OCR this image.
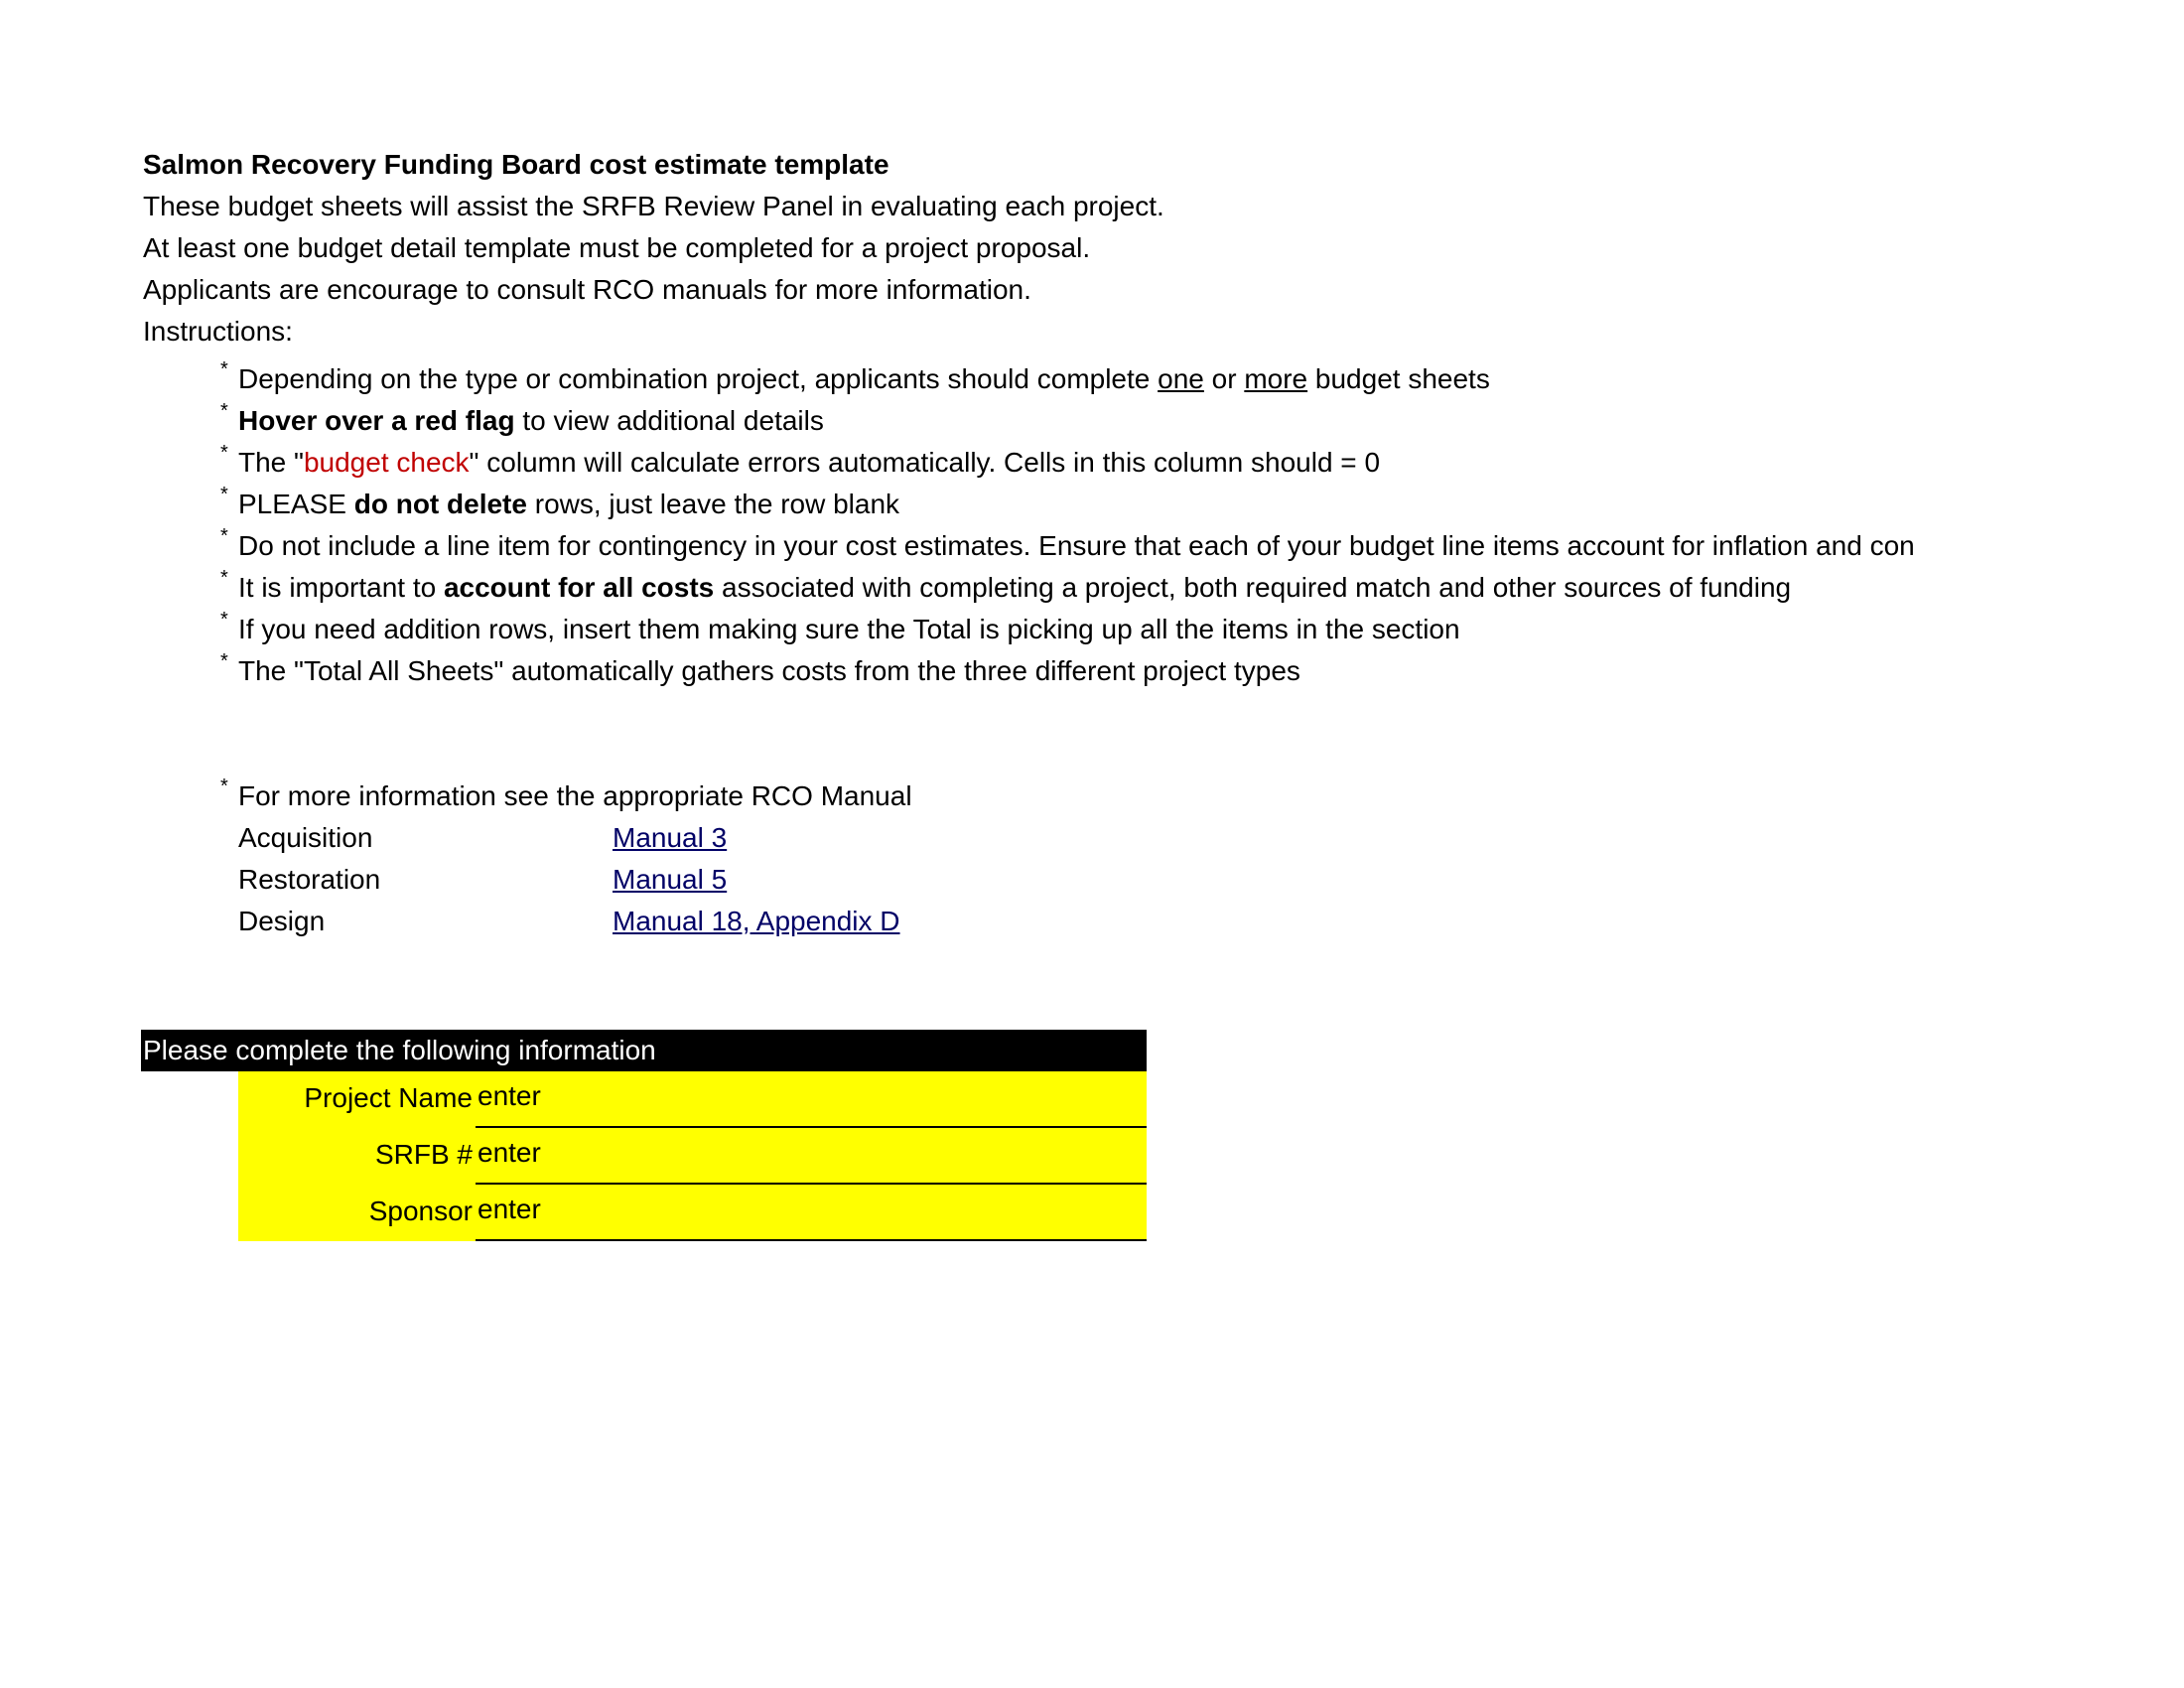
Salmon Recovery Funding Board cost estimate template
These budget sheets will assist the SRFB Review Panel in evaluating each project.
At least one budget detail template must be completed for a project proposal.
Applicants are encourage to consult RCO manuals for more information.
Instructions:
* Depending on the type or combination project, applicants should complete one or more budget sheets
* Hover over a red flag to view additional details
* The "budget check" column will calculate errors automatically. Cells in this column should = 0
* PLEASE do not delete rows, just leave the row blank
* Do not include a line item for contingency in your cost estimates. Ensure that each of your budget line items account for inflation and con
* It is important to account for all costs associated with completing a project, both required match and other sources of funding
* If you need addition rows, insert them making sure the Total is picking up all the items in the section
* The "Total All Sheets" automatically gathers costs from the three different project types
* For more information see the appropriate RCO Manual
Acquisition	Manual 3
Restoration	Manual 5
Design	Manual 18, Appendix D
Please complete the following information
Project Name enter
SRFB # enter
Sponsor enter
